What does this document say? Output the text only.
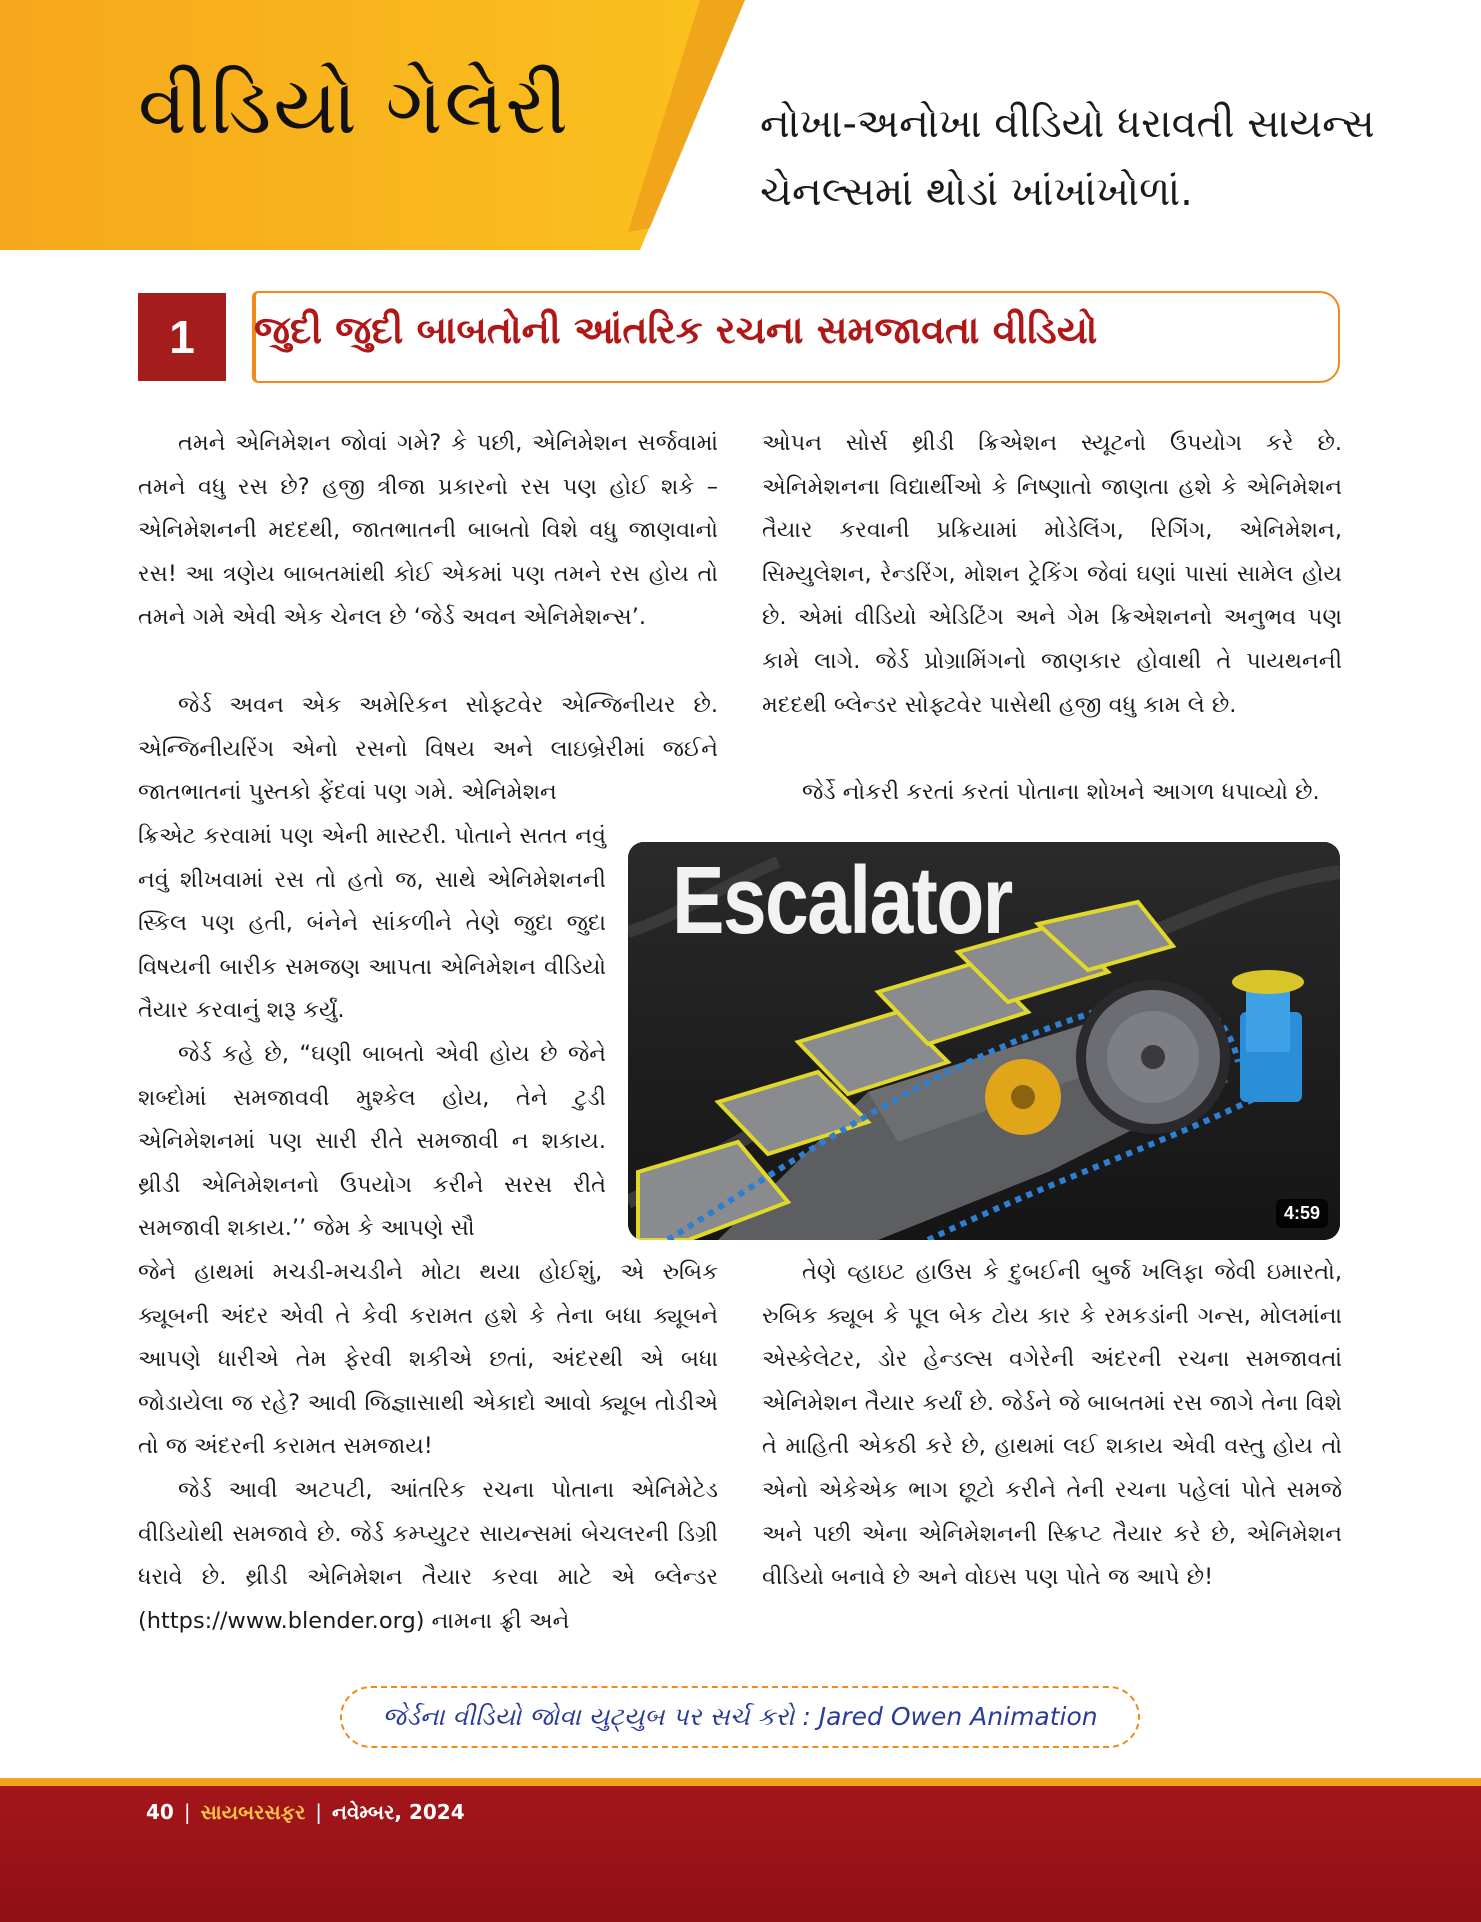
વીડિયો ગેલેરી	નોખા-અનોખા વીડિયો ધરાવતી સાયન્સ
ચેનલ્સમાં થોડાં ખાંખાંખોળાં.
1	જુદી જુદી બાબતોની આંતરિક રચના સમજાવતા વીડિયો
તમને એનિમેશન જોવાં ગમે? કે પછી, એનિમેશન સર્જવામાં તમને વધુ રસ છે? હજી ત્રીજા પ્રકારનો રસ પણ હોઈ શકે – એનિમેશનની મદદથી, જાતભાતની બાબતો વિશે વધુ જાણવાનો રસ! આ ત્રણેય બાબતમાંથી કોઈ એકમાં પણ તમને રસ હોય તો તમને ગમે એવી એક ચેનલ છે ‘જેર્ડ અવન એનિમેશન્સ’.
જેર્ડ અવન એક અમેરિકન સોફ્ટવેર એન્જિનીયર છે. એન્જિનીયરિંગ એનો રસનો વિષય અને લાઇબ્રેરીમાં જઈને જાતભાતનાં પુસ્તકો ફેંદવાં પણ ગમે. એનિમેશન
ક્રિએટ કરવામાં પણ એની માસ્ટરી. પોતાને સતત નવું નવું શીખવામાં રસ તો હતો જ, સાથે એનિમેશનની સ્કિલ પણ હતી, બંનેને સાંકળીને તેણે જુદા જુદા વિષયની બારીક સમજણ આપતા એનિમેશન વીડિયો તૈયાર કરવાનું શરૂ કર્યું.
જેર્ડ કહે છે, “ઘણી બાબતો એવી હોય છે જેને શબ્દોમાં સમજાવવી મુશ્કેલ હોય, તેને ટુડી એનિમેશનમાં પણ સારી રીતે સમજાવી ન શકાય. થ્રીડી એનિમેશનનો ઉપયોગ કરીને સરસ રીતે સમજાવી શકાય.’’ જેમ કે આપણે સૌ
જેને હાથમાં મચડી-મચડીને મોટા થયા હોઈશું, એ રુબિક ક્યૂબની અંદર એવી તે કેવી કરામત હશે કે તેના બધા ક્યૂબને આપણે ધારીએ તેમ ફેરવી શકીએ છતાં, અંદરથી એ બધા જોડાયેલા જ રહે? આવી જિજ્ઞાસાથી એકાદો આવો ક્યૂબ તોડીએ તો જ અંદરની કરામત સમજાય!
જેર્ડ આવી અટપટી, આંતરિક રચના પોતાના એનિમેટેડ વીડિયોથી સમજાવે છે. જેર્ડ કમ્પ્યુટર સાયન્સમાં બેચલરની ડિગ્રી ધરાવે છે. થ્રીડી એનિમેશન તૈયાર કરવા માટે એ બ્લેન્ડર (https://www.blender.org) નામના ફ્રી અને
ઓપન સોર્સ થ્રીડી ક્રિએશન સ્યૂટનો ઉપયોગ કરે છે. એનિમેશનના વિદ્યાર્થીઓ કે નિષ્ણાતો જાણતા હશે કે એનિમેશન તૈયાર કરવાની પ્રક્રિયામાં મોડેલિંગ, રિગિંગ, એનિમેશન, સિમ્યુલેશન, રેન્ડરિંગ, મોશન ટ્રેકિંગ જેવાં ઘણાં પાસાં સામેલ હોય છે. એમાં વીડિયો એડિટિંગ અને ગેમ ક્રિએશનનો અનુભવ પણ કામે લાગે. જેર્ડ પ્રોગ્રામિંગનો જાણકાર હોવાથી તે પાયથનની મદદથી બ્લેન્ડર સોફ્ટવેર પાસેથી હજી વધુ કામ લે છે.
જેર્ડે નોકરી કરતાં કરતાં પોતાના શોખને આગળ ધપાવ્યો છે.
તેણે વ્હાઇટ હાઉસ કે દુબઈની બુર્જ ખલિફા જેવી ઇમારતો, રુબિક ક્યૂબ કે પૂલ બેક ટોય કાર કે રમકડાંની ગન્સ, મોલમાંના એસ્કેલેટર, ડોર હેન્ડલ્સ વગેરેની અંદરની રચના સમજાવતાં એનિમેશન તૈયાર કર્યાં છે. જેર્ડને જે બાબતમાં રસ જાગે તેના વિશે તે માહિતી એકઠી કરે છે, હાથમાં લઈ શકાય એવી વસ્તુ હોય તો એનો એકેએક ભાગ છૂટો કરીને તેની રચના પહેલાં પોતે સમજે અને પછી એના એનિમેશનની સ્ક્રિપ્ટ તૈયાર કરે છે, એનિમેશન વીડિયો બનાવે છે અને વોઇસ પણ પોતે જ આપે છે!
Escalator
4:59
જેર્ડના વીડિયો જોવા યુટ્યુબ પર સર્ચ કરો : Jared Owen Animation
40 | સાયબરસફર | નવેમ્બર, 2024
